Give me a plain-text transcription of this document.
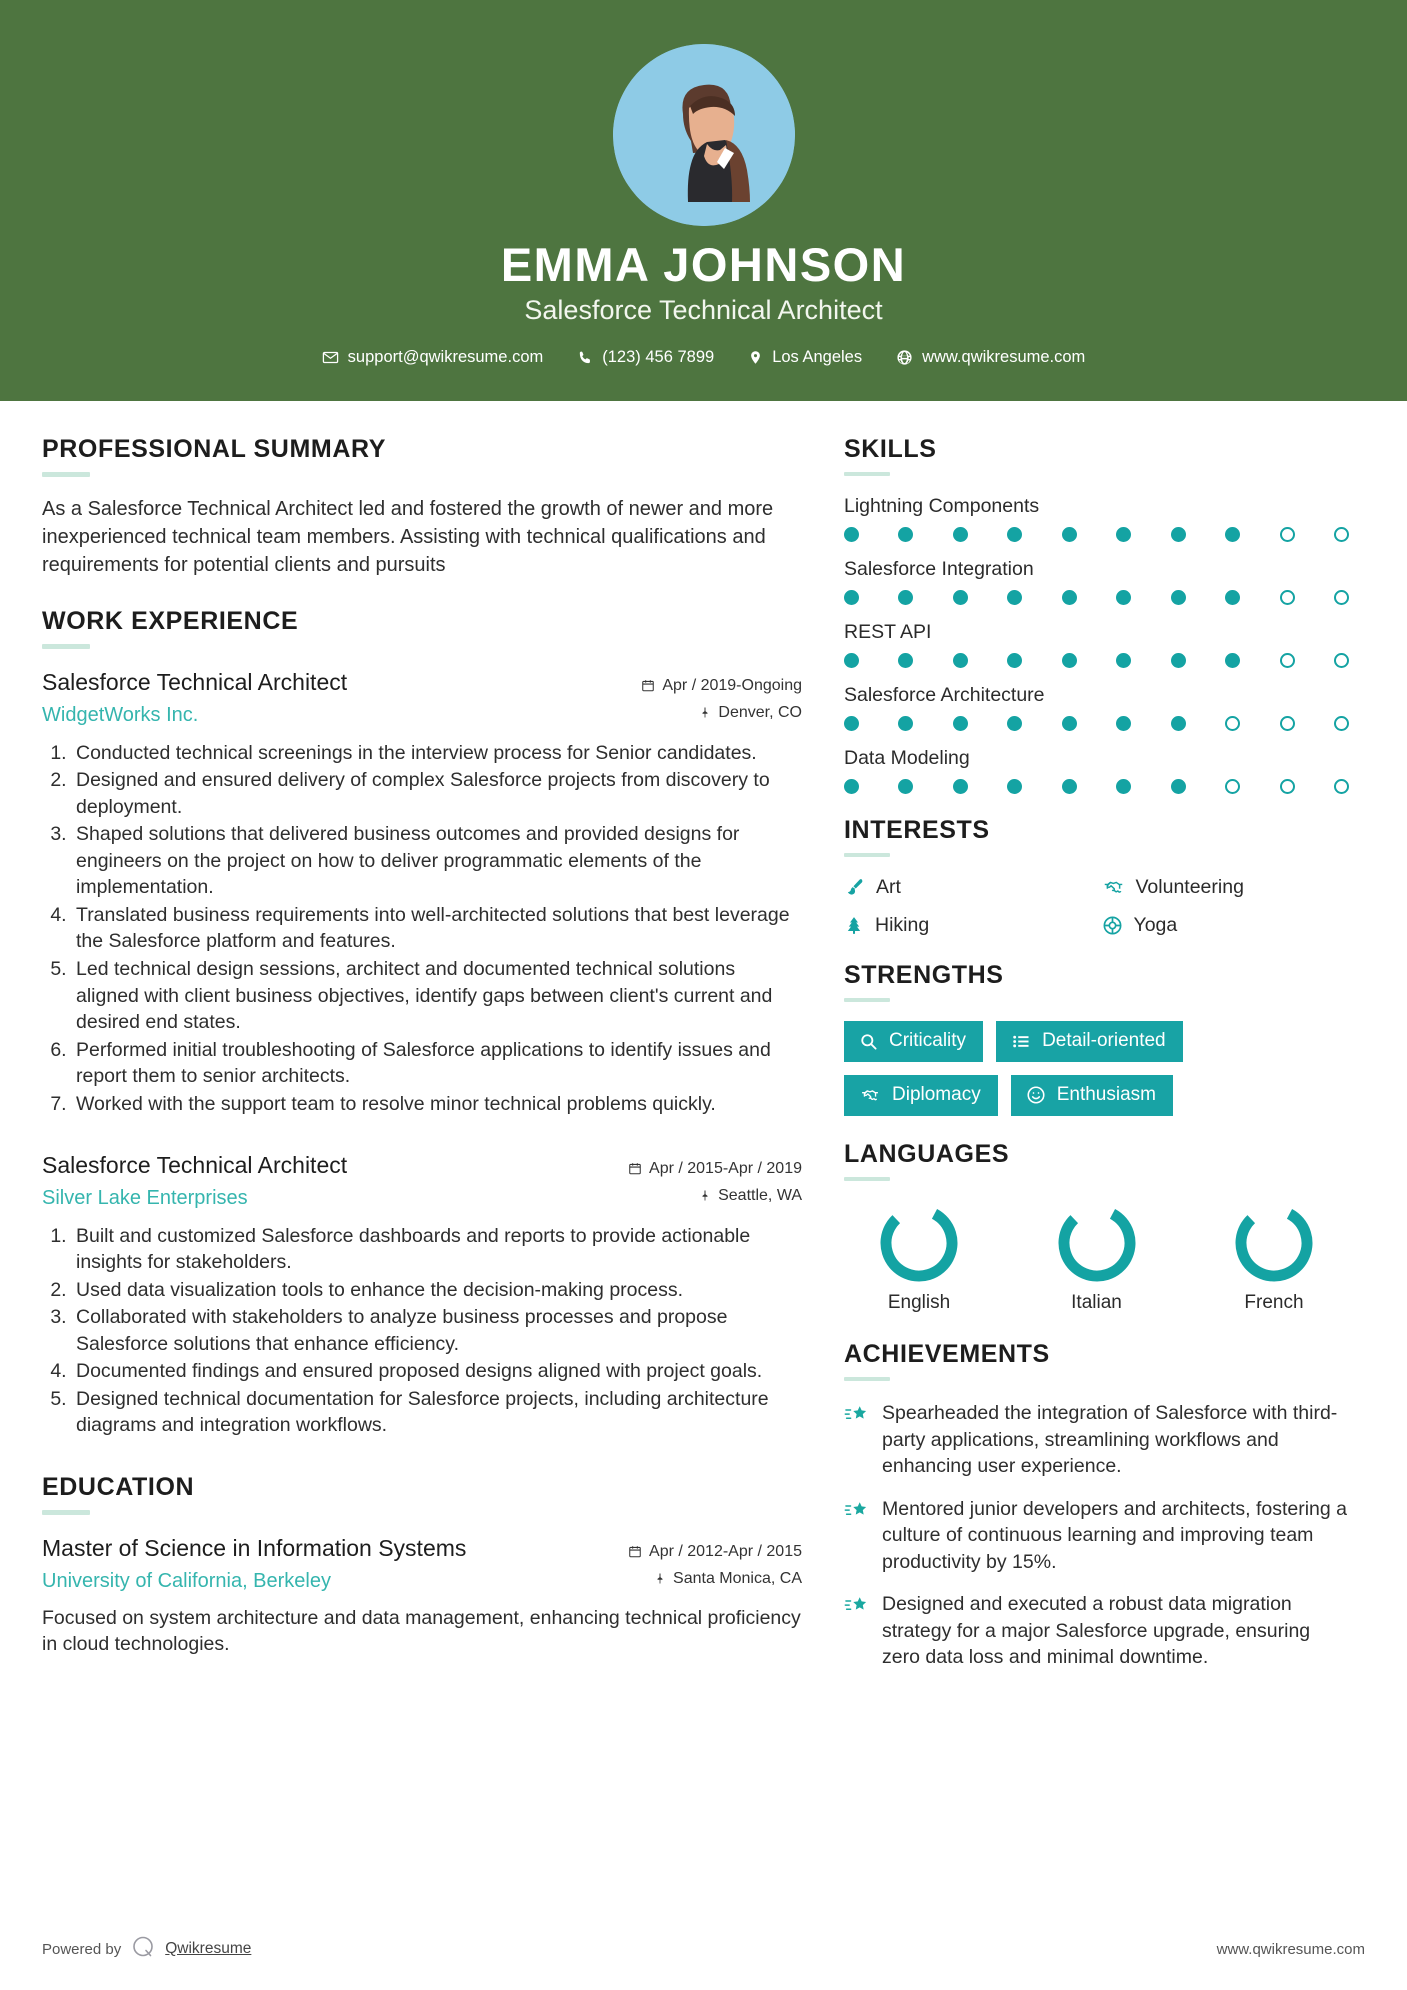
EMMA JOHNSON
Salesforce Technical Architect
support@qwikresume.com	(123) 456 7899	Los Angeles	www.qwikresume.com
PROFESSIONAL SUMMARY
As a Salesforce Technical Architect led and fostered the growth of newer and more inexperienced technical team members. Assisting with technical qualifications and requirements for potential clients and pursuits
WORK EXPERIENCE
Salesforce Technical Architect
WidgetWorks Inc.
Apr / 2019-Ongoing
Denver, CO
1. Conducted technical screenings in the interview process for Senior candidates.
2. Designed and ensured delivery of complex Salesforce projects from discovery to deployment.
3. Shaped solutions that delivered business outcomes and provided designs for engineers on the project on how to deliver programmatic elements of the implementation.
4. Translated business requirements into well-architected solutions that best leverage the Salesforce platform and features.
5. Led technical design sessions, architect and documented technical solutions aligned with client business objectives, identify gaps between client's current and desired end states.
6. Performed initial troubleshooting of Salesforce applications to identify issues and report them to senior architects.
7. Worked with the support team to resolve minor technical problems quickly.
Salesforce Technical Architect
Silver Lake Enterprises
Apr / 2015-Apr / 2019
Seattle, WA
1. Built and customized Salesforce dashboards and reports to provide actionable insights for stakeholders.
2. Used data visualization tools to enhance the decision-making process.
3. Collaborated with stakeholders to analyze business processes and propose Salesforce solutions that enhance efficiency.
4. Documented findings and ensured proposed designs aligned with project goals.
5. Designed technical documentation for Salesforce projects, including architecture diagrams and integration workflows.
EDUCATION
Master of Science in Information Systems
University of California, Berkeley
Apr / 2012-Apr / 2015
Santa Monica, CA
Focused on system architecture and data management, enhancing technical proficiency in cloud technologies.
SKILLS
Lightning Components
Salesforce Integration
REST API
Salesforce Architecture
Data Modeling
INTERESTS
Art	Volunteering
Hiking	Yoga
STRENGTHS
Criticality	Detail-oriented
Diplomacy	Enthusiasm
LANGUAGES
English	Italian	French
ACHIEVEMENTS
Spearheaded the integration of Salesforce with third-party applications, streamlining workflows and enhancing user experience.
Mentored junior developers and architects, fostering a culture of continuous learning and improving team productivity by 15%.
Designed and executed a robust data migration strategy for a major Salesforce upgrade, ensuring zero data loss and minimal downtime.
Powered by	Qwikresume	www.qwikresume.com
